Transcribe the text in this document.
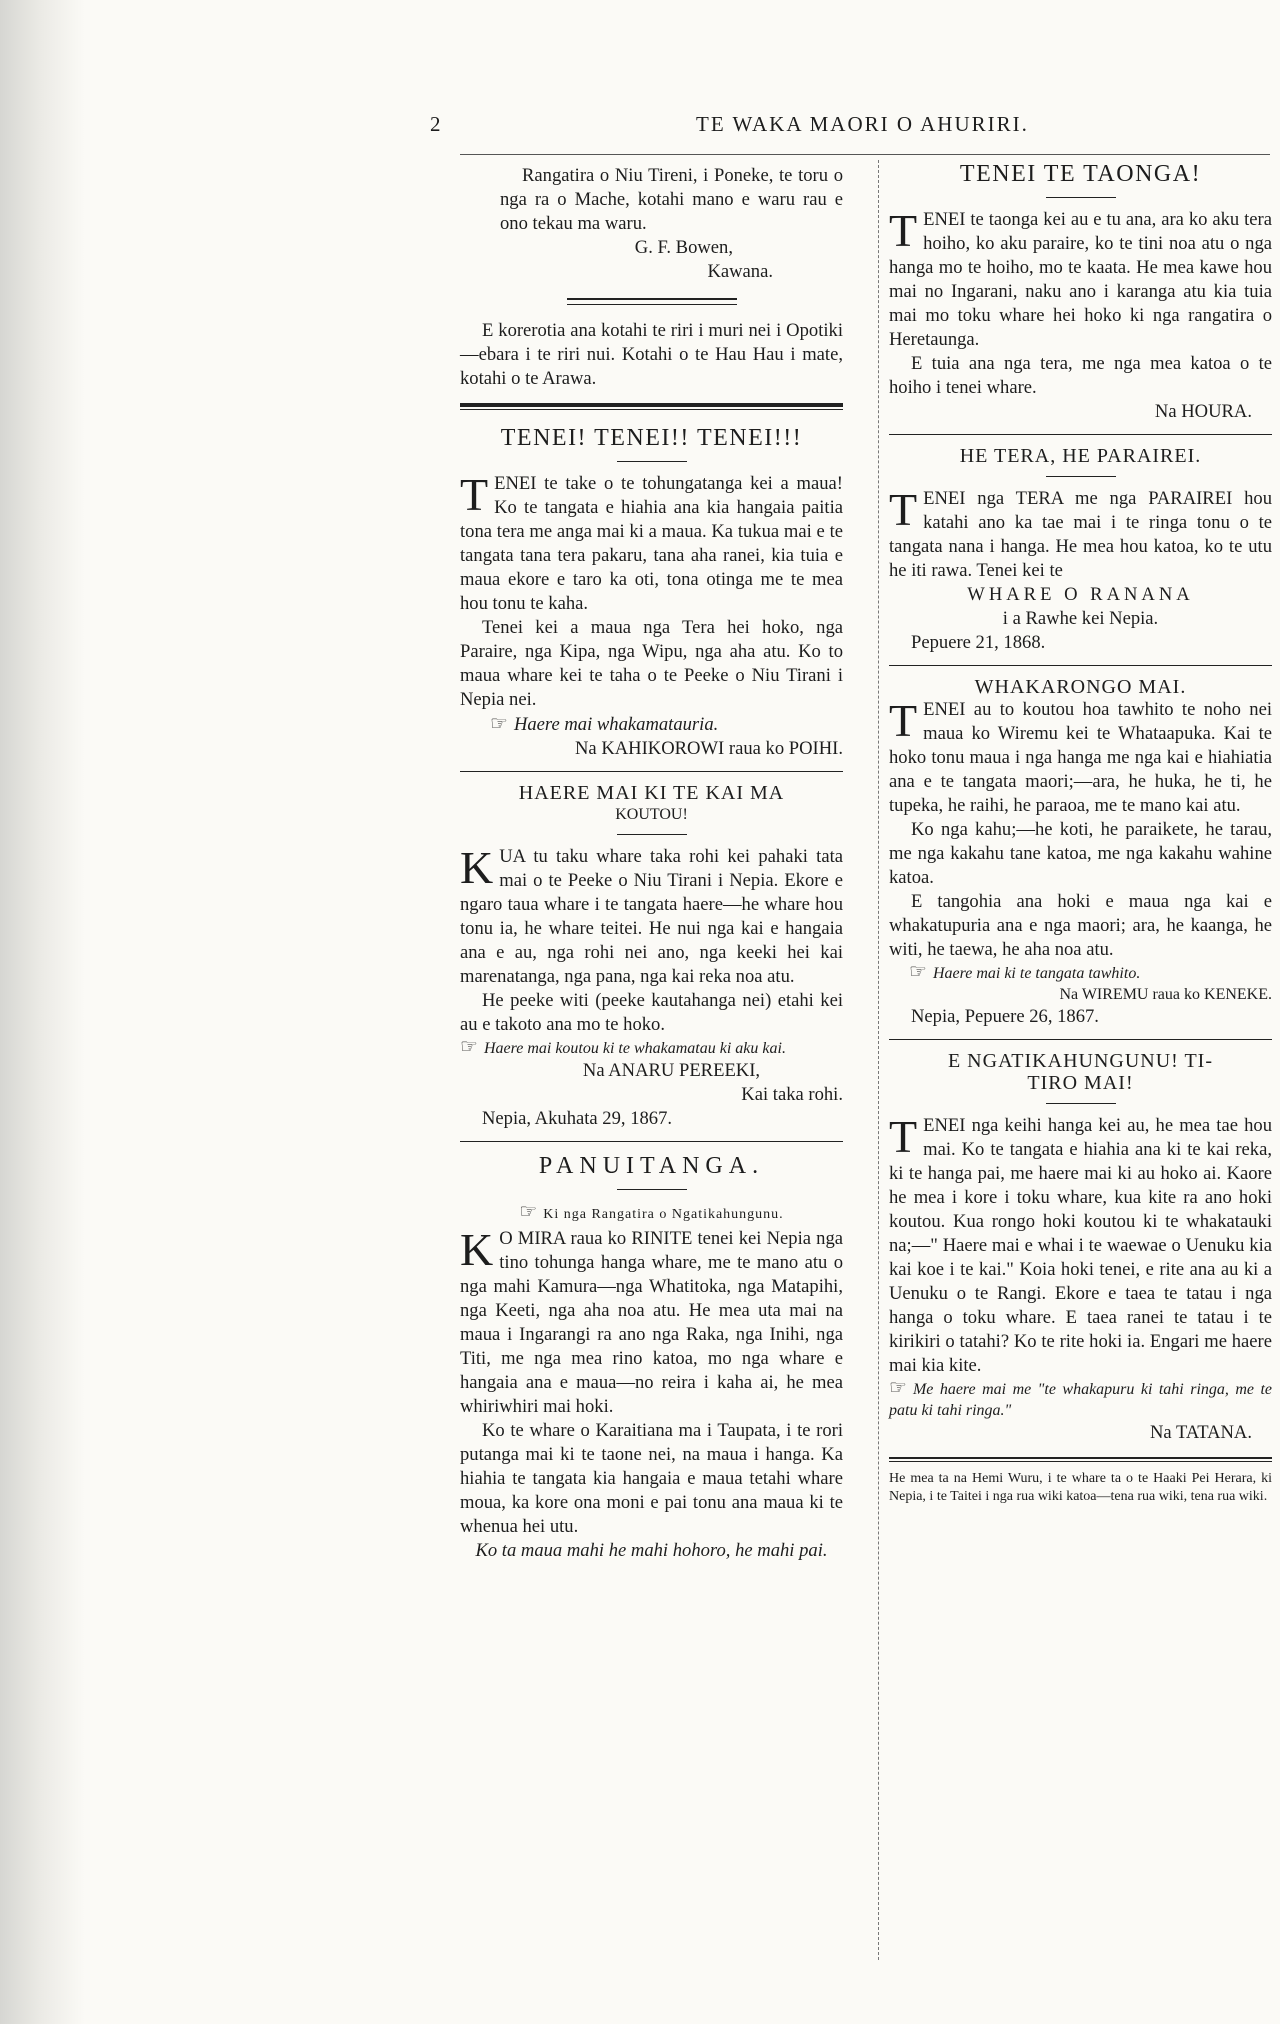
2	TE WAKA MAORI O AHURIRI.

Rangatira o Niu Tireni, i Poneke, te toru o nga ra o Mache, kotahi mano e waru rau e ono tekau ma waru.

G. F. Bowen,

Kawana.

E korerotia ana kotahi te riri i muri nei i Opotiki—ebara i te riri nui. Kotahi o te Hau Hau i mate, kotahi o te Arawa.

TENEI! TENEI!! TENEI!!!

TENEI te take o te tohungatanga kei a maua! Ko te tangata e hiahia ana kia hangaia paitia tona tera me anga mai ki a maua. Ka tukua mai e te tangata tana tera pakaru, tana aha ranei, kia tuia e maua ekore e taro ka oti, tona otinga me te mea hou tonu te kaha.

Tenei kei a maua nga Tera hei hoko, nga Paraire, nga Kipa, nga Wipu, nga aha atu. Ko to maua whare kei te taha o te Peeke o Niu Tirani i Nepia nei.

☞ Haere mai whakamatauria.

Na KAHIKOROWI raua ko POIHI.

HAERE MAI KI TE KAI MA
KOUTOU!

KUA tu taku whare taka rohi kei pahaki tata mai o te Peeke o Niu Tirani i Nepia. Ekore e ngaro taua whare i te tangata haere—he whare hou tonu ia, he whare teitei. He nui nga kai e hangaia ana e au, nga rohi nei ano, nga keeki hei kai marenatanga, nga pana, nga kai reka noa atu.

He peeke witi (peeke kautahanga nei) etahi kei au e takoto ana mo te hoko.

☞ Haere mai koutou ki te whakamatau ki aku kai.

Na ANARU PEREEKI,

Kai taka rohi.

Nepia, Akuhata 29, 1867.

PANUITANGA.

☞ Ki nga Rangatira o Ngatikahungunu.

K O MIRA raua ko RINITE tenei kei Nepia nga tino tohunga hanga whare, me te mano atu o nga mahi Kamura—nga Whatitoka, nga Matapihi, nga Keeti, nga aha noa atu. He mea uta mai na maua i Ingarangi ra ano nga Raka, nga Inihi, nga Titi, me nga mea rino katoa, mo nga whare e hangaia ana e maua—no reira i kaha ai, he mea whiriwhiri mai hoki.

Ko te whare o Karaitiana ma i Taupata, i te rori putanga mai ki te taone nei, na maua i hanga. Ka hiahia te tangata kia hangaia e maua tetahi whare moua, ka kore ona moni e pai tonu ana maua ki te whenua hei utu.

Ko ta maua mahi he mahi hohoro, he mahi pai.

TENEI TE TAONGA!

TENEI te taonga kei au e tu ana, ara ko aku tera hoiho, ko aku paraire, ko te tini noa atu o nga hanga mo te hoiho, mo te kaata. He mea kawe hou mai no Ingarani, naku ano i karanga atu kia tuia mai mo toku whare hei hoko ki nga rangatira o Heretaunga.

E tuia ana nga tera, me nga mea katoa o te hoiho i tenei whare.

Na HOURA.

HE TERA, HE PARAIREI.

TENEI nga TERA me nga PARAIREI hou katahi ano ka tae mai i te ringa tonu o te tangata nana i hanga. He mea hou katoa, ko te utu he iti rawa. Tenei kei te

WHARE O RANANA

i a Rawhe kei Nepia.

Pepuere 21, 1868.

WHAKARONGO MAI.

TENEI au to koutou hoa tawhito te noho nei maua ko Wiremu kei te Whataapuka. Kai te hoko tonu maua i nga hanga me nga kai e hiahiatia ana e te tangata maori;—ara, he huka, he ti, he tupeka, he raihi, he paraoa, me te mano kai atu.

Ko nga kahu;—he koti, he paraikete, he tarau, me nga kakahu tane katoa, me nga kakahu wahine katoa.

E tangohia ana hoki e maua nga kai e whakatupuria ana e nga maori; ara, he kaanga, he witi, he taewa, he aha noa atu.

☞ Haere mai ki te tangata tawhito.

Na WIREMU raua ko KENEKE.

Nepia, Pepuere 26, 1867.

E NGATIKAHUNGUNU! TI-
TIRO MAI!

TENEI nga keihi hanga kei au, he mea tae hou mai. Ko te tangata e hiahia ana ki te kai reka, ki te hanga pai, me haere mai ki au hoko ai. Kaore he mea i kore i toku whare, kua kite ra ano hoki koutou. Kua rongo hoki koutou ki te whakatauki na;—" Haere mai e whai i te waewae o Uenuku kia kai koe i te kai." Koia hoki tenei, e rite ana au ki a Uenuku o te Rangi. Ekore e taea te tatau i nga hanga o toku whare. E taea ranei te tatau i te kirikiri o tatahi? Ko te rite hoki ia. Engari me haere mai kia kite.

☞ Me haere mai me "te whakapuru ki tahi ringa, me te patu ki tahi ringa."

Na TATANA.

He mea ta na Hemi Wuru, i te whare ta o te Haaki Pei Herara, ki Nepia, i te Taitei i nga rua wiki katoa—tena rua wiki, tena rua wiki.
